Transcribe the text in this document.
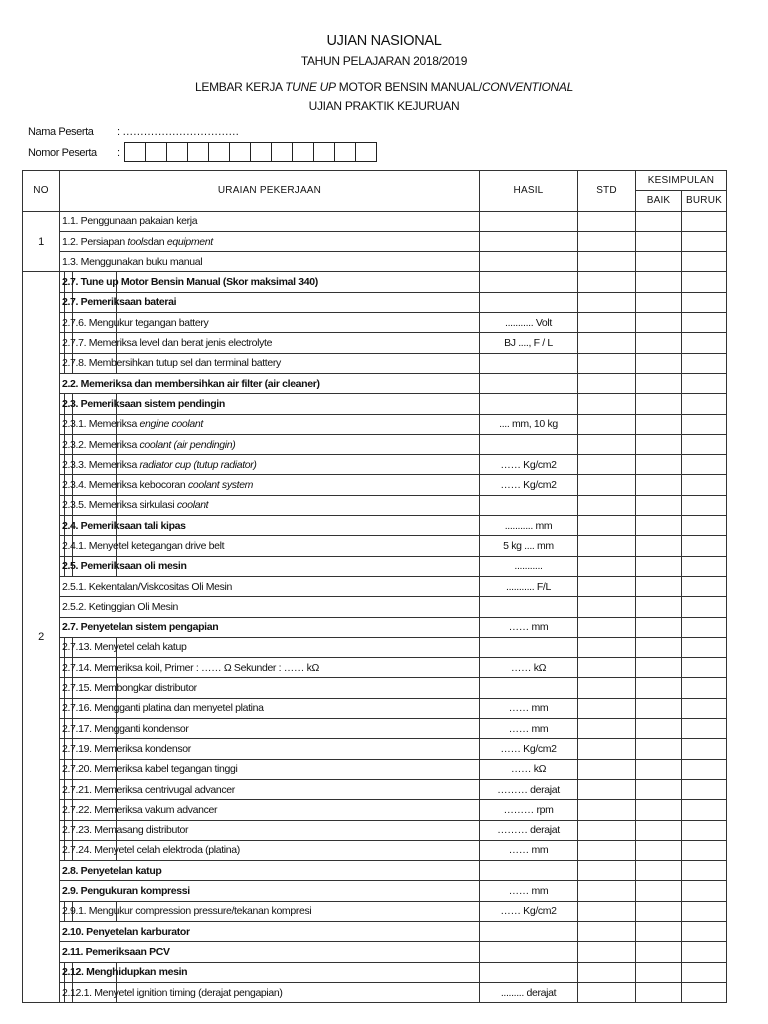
UJIAN NASIONAL
TAHUN PELAJARAN 2018/2019
LEMBAR KERJA TUNE UP MOTOR BENSIN MANUAL/CONVENTIONAL
UJIAN PRAKTIK KEJURUAN
Nama Peserta : ……………………………
Nomor Peserta :
NO	URAIAN PEKERJAAN	HASIL	STD	KESIMPULAN	
				BAIK	BURUK
1	1.1. Penggunaan pakaian kerja				
	1.2. Persiapan toolsdan equipment				
	1.3. Menggunakan buku manual				
2	2.7. Tune up Motor Bensin Manual (Skor maksimal 340)				

2.7. Pemeriksaan baterai				

2.7.6. Mengukur tegangan battery	........... Volt			

2.7.7. Memeriksa level dan berat jenis electrolyte	BJ ...., F / L			

2.7.8. Membersihkan tutup sel dan terminal battery				
	2.2. Memeriksa dan membersihkan air filter (air cleaner)				

2.3. Pemeriksaan sistem pendingin				

2.3.1. Memeriksa engine coolant	.... mm, 10 kg			

2.3.2. Memeriksa coolant (air pendingin)				

2.3.3. Memeriksa radiator cup (tutup radiator)	…… Kg/cm2			

2.3.4. Memeriksa kebocoran coolant system	…… Kg/cm2			

2.3.5. Memeriksa sirkulasi coolant				

2.4. Pemeriksaan tali kipas	........... mm			

2.4.1. Menyetel ketegangan drive belt	5 kg .... mm			

2.5. Pemeriksaan oli mesin	...........			
	2.5.1. Kekentalan/Viskcositas Oli Mesin	........... F/L			
	2.5.2. Ketinggian Oli Mesin				
	2.7. Penyetelan sistem pengapian	…… mm			

2.7.13. Menyetel celah katup				

2.7.14. Memeriksa koil, Primer : …… Ω Sekunder : …… kΩ	…… kΩ			

2.7.15. Membongkar distributor				

2.7.16. Mengganti platina dan menyetel platina	…… mm			

2.7.17. Mengganti kondensor	…… mm			

2.7.19. Memeriksa kondensor	…… Kg/cm2			

2.7.20. Memeriksa kabel tegangan tinggi	…… kΩ			

2.7.21. Memeriksa centrivugal advancer	……… derajat			

2.7.22. Memeriksa vakum advancer	……… rpm			

2.7.23. Memasang distributor	……… derajat			

2.7.24. Menyetel celah elektroda (platina)	…… mm			
	2.8. Penyetelan katup				
	2.9. Pengukuran kompressi	…… mm			

2.9.1. Mengukur compression pressure/tekanan kompresi	…… Kg/cm2			
	2.10. Penyetelan karburator				
	2.11. Pemeriksaan PCV				

2.12. Menghidupkan mesin				

2.12.1. Menyetel ignition timing (derajat pengapian)	......... derajat			
